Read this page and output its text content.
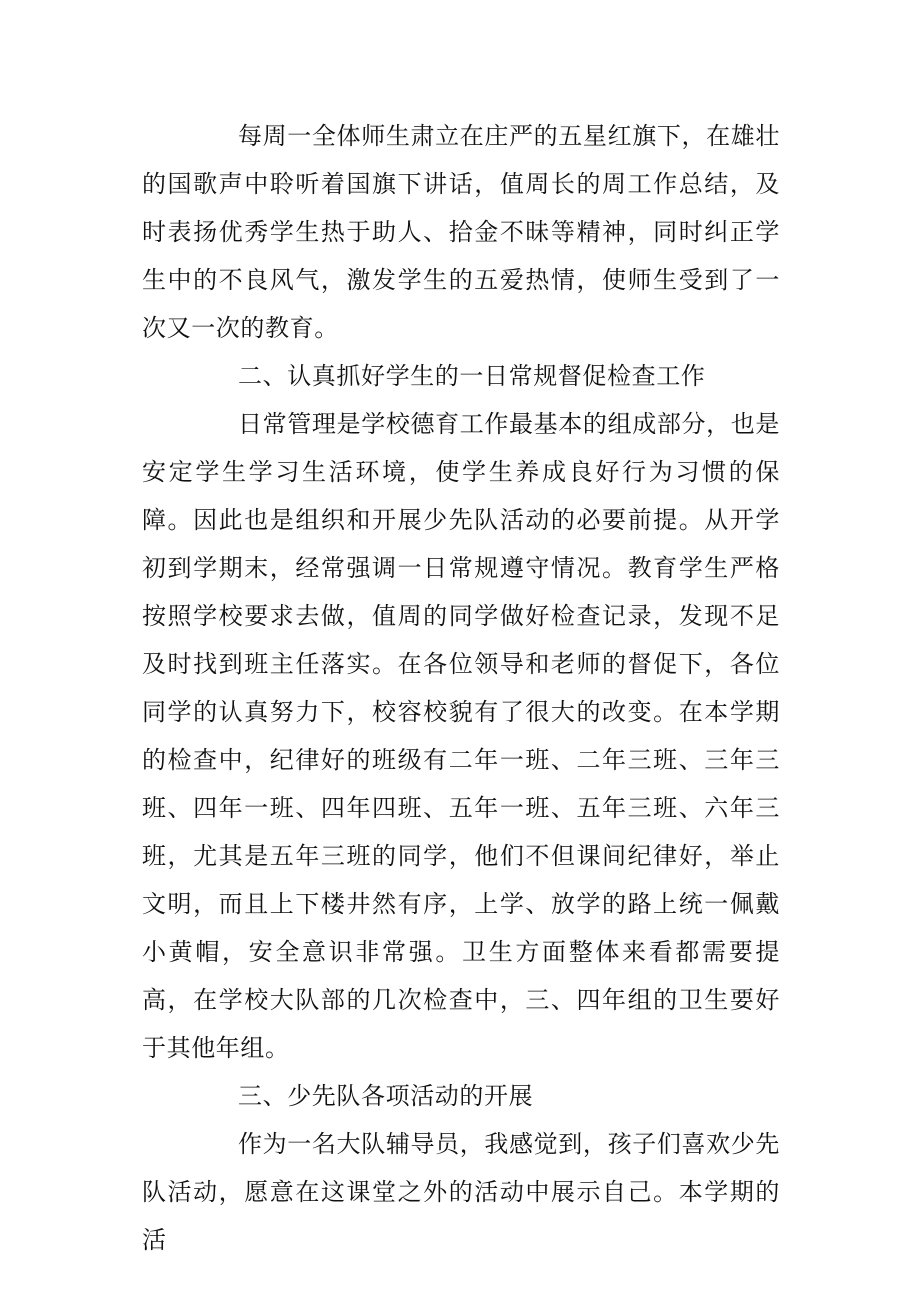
每周一全体师生肃立在庄严的五星红旗下，在雄壮的国歌声中聆听着国旗下讲话，值周长的周工作总结，及时表扬优秀学生热于助人、拾金不昧等精神，同时纠正学生中的不良风气，激发学生的五爱热情，使师生受到了一次又一次的教育。

二、认真抓好学生的一日常规督促检查工作

日常管理是学校德育工作最基本的组成部分，也是安定学生学习生活环境，使学生养成良好行为习惯的保障。因此也是组织和开展少先队活动的必要前提。从开学初到学期末，经常强调一日常规遵守情况。教育学生严格按照学校要求去做，值周的同学做好检查记录，发现不足及时找到班主任落实。在各位领导和老师的督促下，各位同学的认真努力下，校容校貌有了很大的改变。在本学期的检查中，纪律好的班级有二年一班、二年三班、三年三班、四年一班、四年四班、五年一班、五年三班、六年三班，尤其是五年三班的同学，他们不但课间纪律好，举止文明，而且上下楼井然有序，上学、放学的路上统一佩戴小黄帽，安全意识非常强。卫生方面整体来看都需要提高，在学校大队部的几次检查中，三、四年组的卫生要好于其他年组。

三、少先队各项活动的开展

作为一名大队辅导员，我感觉到，孩子们喜欢少先队活动，愿意在这课堂之外的活动中展示自己。本学期的活
